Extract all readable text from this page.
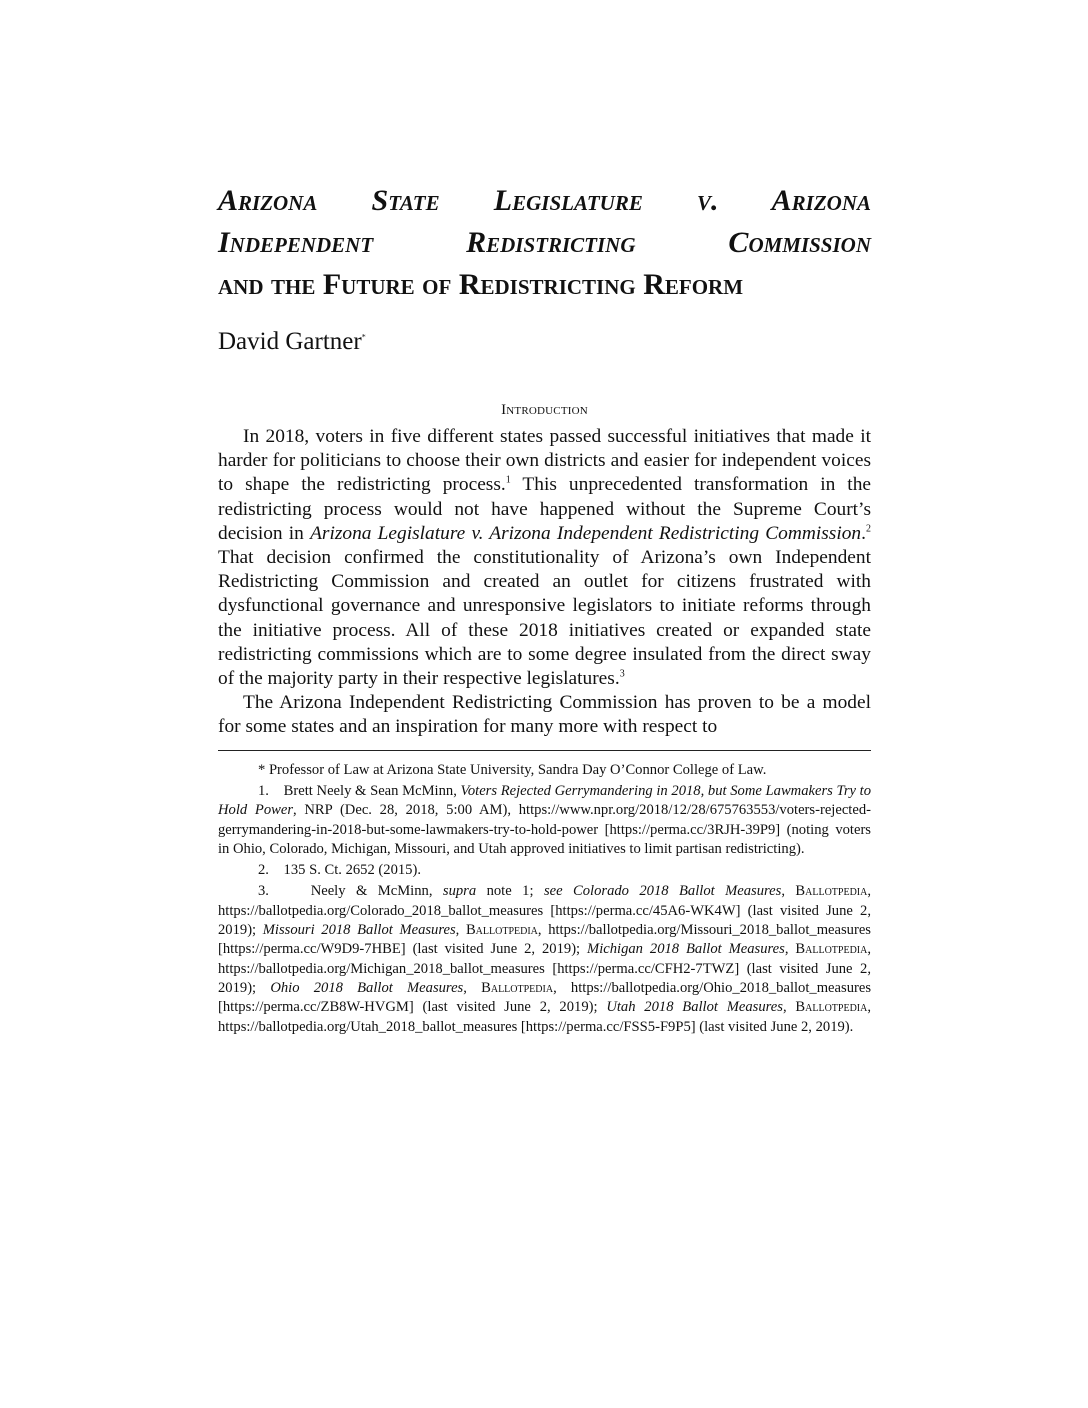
Arizona State Legislature v. Arizona
Independent Redistricting Commission
and the Future of Redistricting Reform
David Gartner*
Introduction

In 2018, voters in five different states passed successful initiatives that made it harder for politicians to choose their own districts and easier for independent voices to shape the redistricting process.$^1$ This unprecedented transformation in the redistricting process would not have happened without the Supreme Court’s decision in Arizona Legislature v. Arizona Independent Redistricting Commission.$^2$ That decision confirmed the constitutionality of Arizona’s own Independent Redistricting Commission and created an outlet for citizens frustrated with dysfunctional governance and unresponsive legislators to initiate reforms through the initiative process. All of these 2018 initiatives created or expanded state redistricting commissions which are to some degree insulated from the direct sway of the majority party in their respective legislatures.$^3$

The Arizona Independent Redistricting Commission has proven to be a model for some states and an inspiration for many more with respect to

* Professor of Law at Arizona State University, Sandra Day O’Connor College of Law.

1. Brett Neely & Sean McMinn, Voters Rejected Gerrymandering in 2018, but Some Lawmakers Try to Hold Power, NRP (Dec. 28, 2018, 5:00 AM), https://www.npr.org/2018/12/28/675763553/voters-rejected-gerrymandering-in-2018-but-some-lawmakers-try-to-hold-power [https://perma.cc/3RJH-39P9] (noting voters in Ohio, Colorado, Michigan, Missouri, and Utah approved initiatives to limit partisan redistricting).

2. 135 S. Ct. 2652 (2015).

3.	Neely & McMinn, supra note 1; see Colorado 2018 Ballot Measures, Ballotpedia, https://ballotpedia.org/Colorado_2018_ballot_measures [https://perma.cc/45A6-WK4W] (last visited June 2, 2019); Missouri 2018 Ballot Measures, Ballotpedia, https://ballotpedia.org/Missouri_2018_ballot_measures [https://perma.cc/W9D9-7HBE] (last visited June 2, 2019); Michigan 2018 Ballot Measures, Ballotpedia, https://ballotpedia.org/Michigan_2018_ballot_measures [https://perma.cc/CFH2-7TWZ] (last visited June 2, 2019); Ohio 2018 Ballot Measures, Ballotpedia, https://ballotpedia.org/Ohio_2018_ballot_measures [https://perma.cc/ZB8W-HVGM] (last visited June 2, 2019); Utah 2018 Ballot Measures, Ballotpedia, https://ballotpedia.org/Utah_2018_ballot_measures [https://perma.cc/FSS5-F9P5] (last visited June 2, 2019).
